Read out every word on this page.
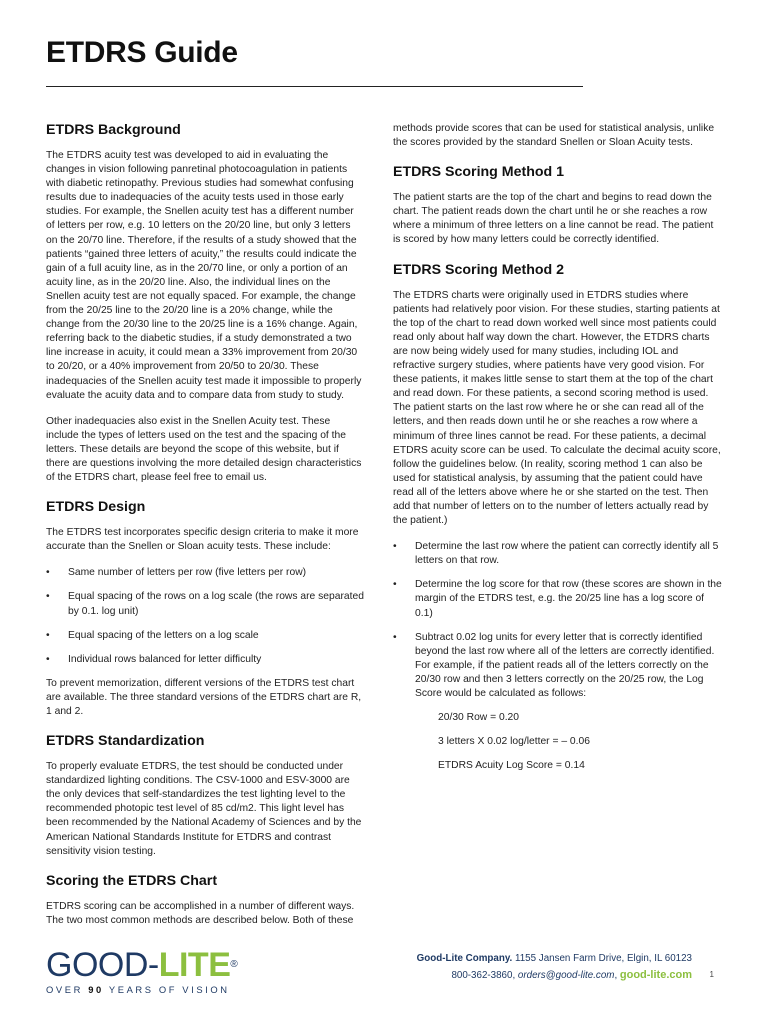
ETDRS Guide
ETDRS Background

The ETDRS acuity test was developed to aid in evaluating the changes in vision following panretinal photocoagulation in patients with diabetic retinopathy. Previous studies had somewhat confusing results due to inadequacies of the acuity tests used in those early studies. For example, the Snellen acuity test has a different number of letters per row, e.g. 10 letters on the 20/20 line, but only 3 letters on the 20/70 line. Therefore, if the results of a study showed that the patients “gained three letters of acuity,” the results could indicate the gain of a full acuity line, as in the 20/70 line, or only a portion of an acuity line, as in the 20/20 line. Also, the individual lines on the Snellen acuity test are not equally spaced. For example, the change from the 20/25 line to the 20/20 line is a 20% change, while the change from the 20/30 line to the 20/25 line is a 16% change. Again, referring back to the diabetic studies, if a study demonstrated a two line increase in acuity, it could mean a 33% improvement from 20/30 to 20/20, or a 40% improvement from 20/50 to 20/30. These inadequacies of the Snellen acuity test made it impossible to properly evaluate the acuity data and to compare data from study to study.

Other inadequacies also exist in the Snellen Acuity test. These include the types of letters used on the test and the spacing of the letters. These details are beyond the scope of this website, but if there are questions involving the more detailed design characteristics of the ETDRS chart, please feel free to email us.

ETDRS Design

The ETDRS test incorporates specific design criteria to make it more accurate than the Snellen or Sloan acuity tests. These include:

• Same number of letters per row (five letters per row)
• Equal spacing of the rows on a log scale (the rows are separated by 0.1. log unit)
• Equal spacing of the letters on a log scale
• Individual rows balanced for letter difficulty

To prevent memorization, different versions of the ETDRS test chart are available. The three standard versions of the ETDRS chart are R, 1 and 2.

ETDRS Standardization

To properly evaluate ETDRS, the test should be conducted under standardized lighting conditions. The CSV-1000 and ESV-3000 are the only devices that self-standardizes the test lighting level to the recommended photopic test level of 85 cd/m2. This light level has been recommended by the National Academy of Sciences and by the American National Standards Institute for ETDRS and contrast sensitivity vision testing.

Scoring the ETDRS Chart

ETDRS scoring can be accomplished in a number of different ways. The two most common methods are described below. Both of these

methods provide scores that can be used for statistical analysis, unlike the scores provided by the standard Snellen or Sloan Acuity tests.

ETDRS Scoring Method 1

The patient starts are the top of the chart and begins to read down the chart. The patient reads down the chart until he or she reaches a row where a minimum of three letters on a line cannot be read. The patient is scored by how many letters could be correctly identified.

ETDRS Scoring Method 2

The ETDRS charts were originally used in ETDRS studies where patients had relatively poor vision. For these studies, starting patients at the top of the chart to read down worked well since most patients could read only about half way down the chart. However, the ETDRS charts are now being widely used for many studies, including IOL and refractive surgery studies, where patients have very good vision. For these patients, it makes little sense to start them at the top of the chart and read down. For these patients, a second scoring method is used. The patient starts on the last row where he or she can read all of the letters, and then reads down until he or she reaches a row where a minimum of three lines cannot be read. For these patients, a decimal ETDRS acuity score can be used. To calculate the decimal acuity score, follow the guidelines below. (In reality, scoring method 1 can also be used for statistical analysis, by assuming that the patient could have read all of the letters above where he or she started on the test. Then add that number of letters on to the number of letters actually read by the patient.)

• Determine the last row where the patient can correctly identify all 5 letters on that row.
• Determine the log score for that row (these scores are shown in the margin of the ETDRS test, e.g. the 20/25 line has a log score of 0.1)
• Subtract 0.02 log units for every letter that is correctly identified beyond the last row where all of the letters are correctly identified. For example, if the patient reads all of the letters correctly on the 20/30 row and then 3 letters correctly on the 20/25 row, the Log Score would be calculated as follows:
20/30 Row = 0.20
3 letters X 0.02 log/letter = – 0.06
ETDRS Acuity Log Score = 0.14
GOOD-LITE®
OVER 90 YEARS OF VISION
Good-Lite Company. 1155 Jansen Farm Drive, Elgin, IL 60123
800-362-3860, orders@good-lite.com, good-lite.com 1
